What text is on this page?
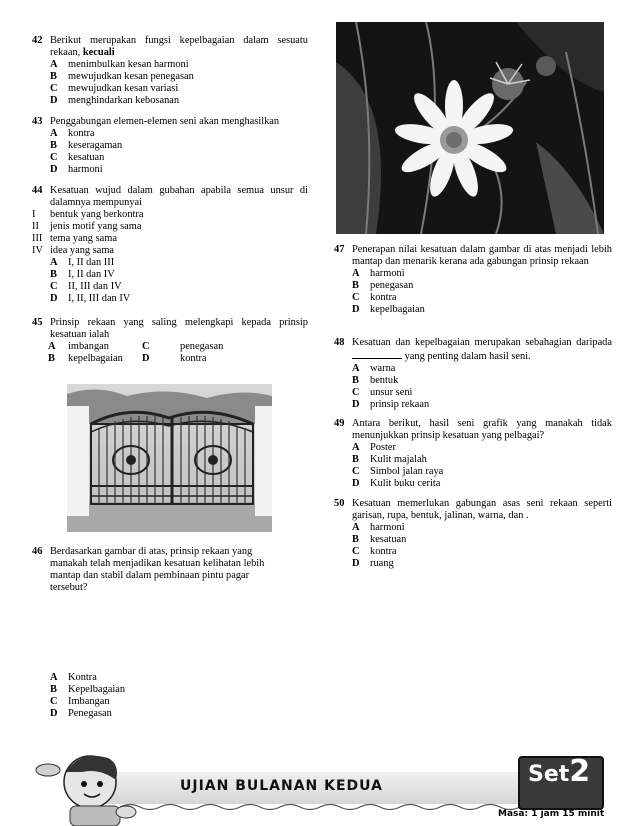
42 Berikut merupakan fungsi kepelbagaian dalam sesuatu rekaan, kecuali
A menimbulkan kesan harmoni
B mewujudkan kesan penegasan
C mewujudkan kesan variasi
D menghindarkan kebosanan
43 Penggabungan elemen-elemen seni akan menghasilkan
A kontra
B keseragaman
C kesatuan
D harmoni
44 Kesatuan wujud dalam gubahan apabila semua unsur di dalamnya mempunyai
I bentuk yang berkontra
II jenis motif yang sama
III tema yang sama
IV idea yang sama
A I, II dan III
B I, II dan IV
C II, III dan IV
D I, II, III dan IV
45 Prinsip rekaan yang saling melengkapi kepada prinsip kesatuan ialah
A imbangan	C	penegasan
B kepelbagaian D	kontra
46 Berdasarkan gambar di atas, prinsip rekaan yang manakah telah menjadikan kesatuan kelihatan lebih mantap dan stabil dalam pembinaan pintu pagar tersebut?
A Kontra
B Kepelbagaian
C Imbangan
D Penegasan
47 Penerapan nilai kesatuan dalam gambar di atas menjadi lebih mantap dan menarik kerana ada gabungan prinsip rekaan
A harmoni
B penegasan
C kontra
D kepelbagaian
48 Kesatuan dan kepelbagaian merupakan sebahagian daripada  yang penting dalam hasil seni.
A warna
B bentuk
C unsur seni
D prinsip rekaan
49 Antara berikut, hasil seni grafik yang manakah tidak menunjukkan prinsip kesatuan yang pelbagai?
A Poster
B Kulit majalah
C Simbol jalan raya
D Kulit buku cerita
50 Kesatuan memerlukan gabungan asas seni rekaan seperti garisan, rupa, bentuk, jalinan, warna, dan .
A harmoni
B kesatuan
C kontra
D ruang
UJIAN BULANAN KEDUA	Set2
Masa: 1 jam 15 minit
